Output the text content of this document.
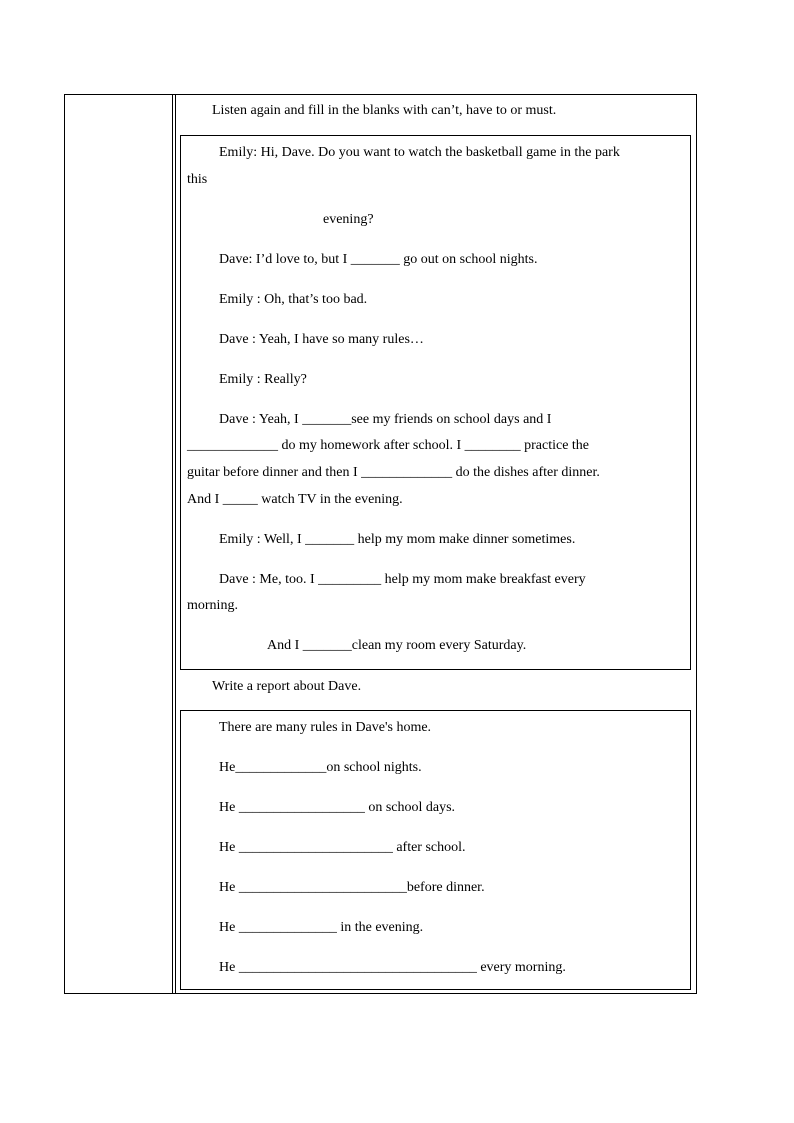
Listen again and fill in the blanks with can’t, have to or must.
Emily: Hi, Dave. Do you want to watch the basketball game in the park
this
evening?
Dave: I’d love to, but I _______ go out on school nights.
Emily : Oh, that’s too bad.
Dave : Yeah, I have so many rules…
Emily : Really?
Dave : Yeah, I _______see my friends on school days and I
_____________ do my homework after school. I ________ practice the
guitar before dinner and then I _____________ do the dishes after dinner.
And I _____ watch TV in the evening.
Emily : Well, I _______ help my mom make dinner sometimes.
Dave : Me, too. I _________ help my mom make breakfast every
morning.
And I _______clean my room every Saturday.
Write a report about Dave.
There are many rules in Dave's home.
He_____________on school nights.
He __________________ on school days.
He ______________________ after school.
He ________________________before dinner.
He ______________ in the evening.
He __________________________________ every morning.
